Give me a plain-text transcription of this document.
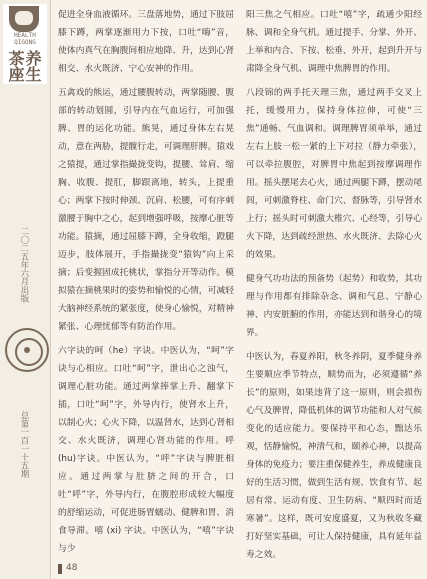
HEALTH QIGONG
养生茶座
二〇二五年六月出版
总第一百一十五期

促进全身血液循环。三盘落地势，通过下肢屈膝下蹲，两掌逐渐用力下按，口吐“嗨”音，使体内真气在胸腹间相应地降、升，达到心肾相交、水火既济、宁心安神的作用。

五禽戏的熊运，通过腰腹转动，两掌随腰、腹部的转动划圆，引导内在气血运行，可加强脾、胃的运化功能。熊晃，通过身体左右晃动，意在两胁，提髋行走，可调理肝脾。猿戏之猿提，通过掌指撮拢变钩，提腰、耸肩、缩胸、收腹、提肛，脚跟离地，转头，上提重心；两掌下按时伸颈、沉肩、松腰，可有序刺激腰于胸中之心，起到增强呼吸，按摩心脏等功能。猿摘，通过屈膝下蹲，全身收缩，蹬腿迈步，肢体展开，手指撮拢变“猿钩”向上采摘；后变握固成托桃状，掌指分开等动作。模拟猿在摘桃果时的姿势和愉悦的心情，可减轻大脑神经系统的紧张度，使身心愉悦，对精神紧张、心理忧郁等有防治作用。

六字诀的呵（he）字诀。中医认为，“呵”字诀与心相应。口吐“呵”字，泄出心之浊气，调理心脏功能。通过两掌捧掌上升、翻掌下插，口吐“呵”字，外导内行，使肾水上升，以制心火；心火下降，以温肾水，达到心肾相交、水火既济，调理心肾功能的作用。呼(hu)字诀。中医认为，“呼”字诀与脾脏相应。通过两掌与肚脐之间的开合，口吐“呼”字，外导内行，在腹腔形成较大幅度的舒缩运动，可促进肠胃蠕动、健脾和胃、消食导滞。嘻 (xi) 字诀。中医认为，“嘻”字诀与少

阳三焦之气相应。口吐“嘻”字，疏通少阳经脉、调和全身气机。通过提手、分掌、外开、上举和内合、下按、松垂、外开，起到升开与肃降全身气机、调理中焦脾胃的作用。

八段锦的两手托天理三焦，通过两手交叉上托，缓慢用力，保持身体拉伸，可使“三焦”通畅、气血调和。调理脾胃须单举，通过左右上肢一松一紧的上下对拉（静力牵张），可以牵拉腹腔，对脾胃中焦起到按摩调理作用。摇头摆尾去心火，通过两腿下蹲，摆动尾闾，可刺激脊柱、命门穴、督脉等，引导肾水上行；摇头时可刺激大椎穴、心经等，引导心火下降，达到疏经泄热、水火既济、去除心火的效果。

健身气功功法的预备势（起势）和收势，其功理与作用都有排除杂念、调和气息、宁静心神、内安脏腑的作用，亦能达到和谐身心的境界。

中医认为，春夏养阳，秋冬养阴，夏季健身养生要顺应季节特点，顺势而为，必须遵循“养长”的原则，如果违背了这一原则，则会损伤心气及脾胃，降低机体的调节功能和人对气候变化的适应能力。要保持平和心态，黜达乐观，恬静愉悦，神清气和，颐养心神，以提高身体的免疫力；要注重保健养生，养成健康良好的生活习惯，做到生活有规、饮食有节、起居有常、运动有度、卫生防病、“顺四时而适寒暑”。这样，既可安度盛夏，又为秋收冬藏打好坚实基础，可让人保持健康，具有延年益寿之效。

48
